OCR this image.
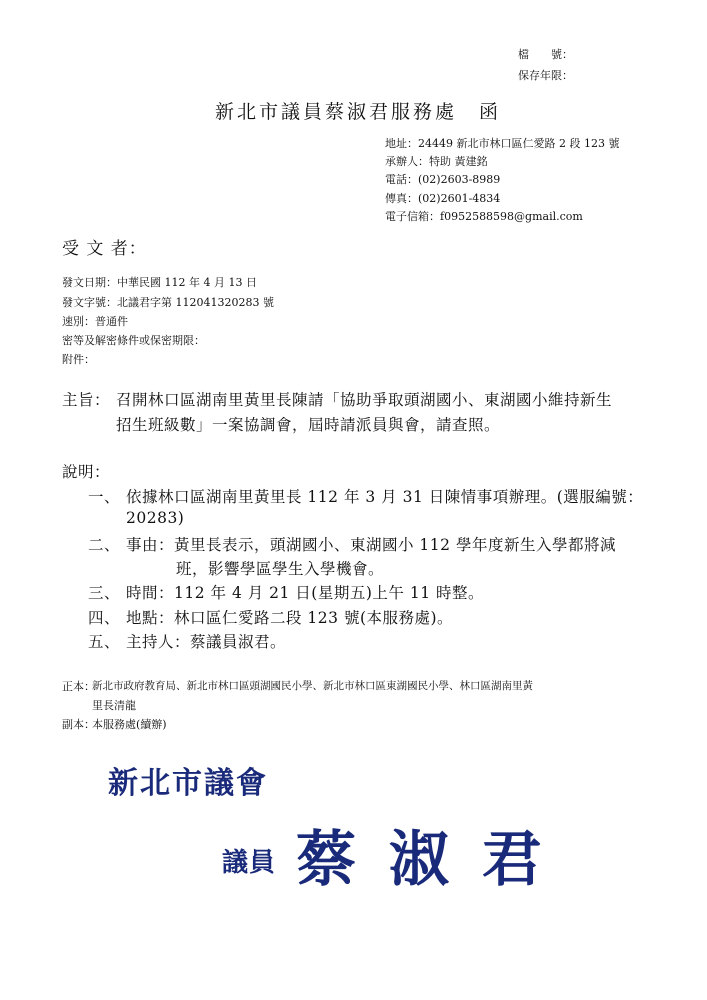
檔　　號：
保存年限：
新北市議員蔡淑君服務處　函
地址：24449 新北市林口區仁愛路 2 段 123 號
承辦人：特助 黃建銘
電話：(02)2603-8989
傳真：(02)2601-4834
電子信箱：f0952588598@gmail.com
受 文 者：
發文日期：中華民國 112 年 4 月 13 日
發文字號：北議君字第 112041320283 號
速別：普通件
密等及解密條件或保密期限：
附件：
主旨： 召開林口區湖南里黃里長陳請「協助爭取頭湖國小、東湖國小維持新生
招生班級數」一案協調會，屆時請派員與會，請查照。
說明：
一、 依據林口區湖南里黃里長 112 年 3 月 31 日陳情事項辦理。(選服編號：
20283)
二、 事由：黃里長表示，頭湖國小、東湖國小 112 學年度新生入學都將減
班，影響學區學生入學機會。
三、 時間：112 年 4 月 21 日(星期五)上午 11 時整。
四、 地點：林口區仁愛路二段 123 號(本服務處)。
五、 主持人：蔡議員淑君。
正本：
新北市政府教育局、新北市林口區頭湖國民小學、新北市林口區東湖國民小學、林口區湖南里黃
里長清龍
副本：
本服務處(續辦)
新北市議會
議員 蔡 淑 君
